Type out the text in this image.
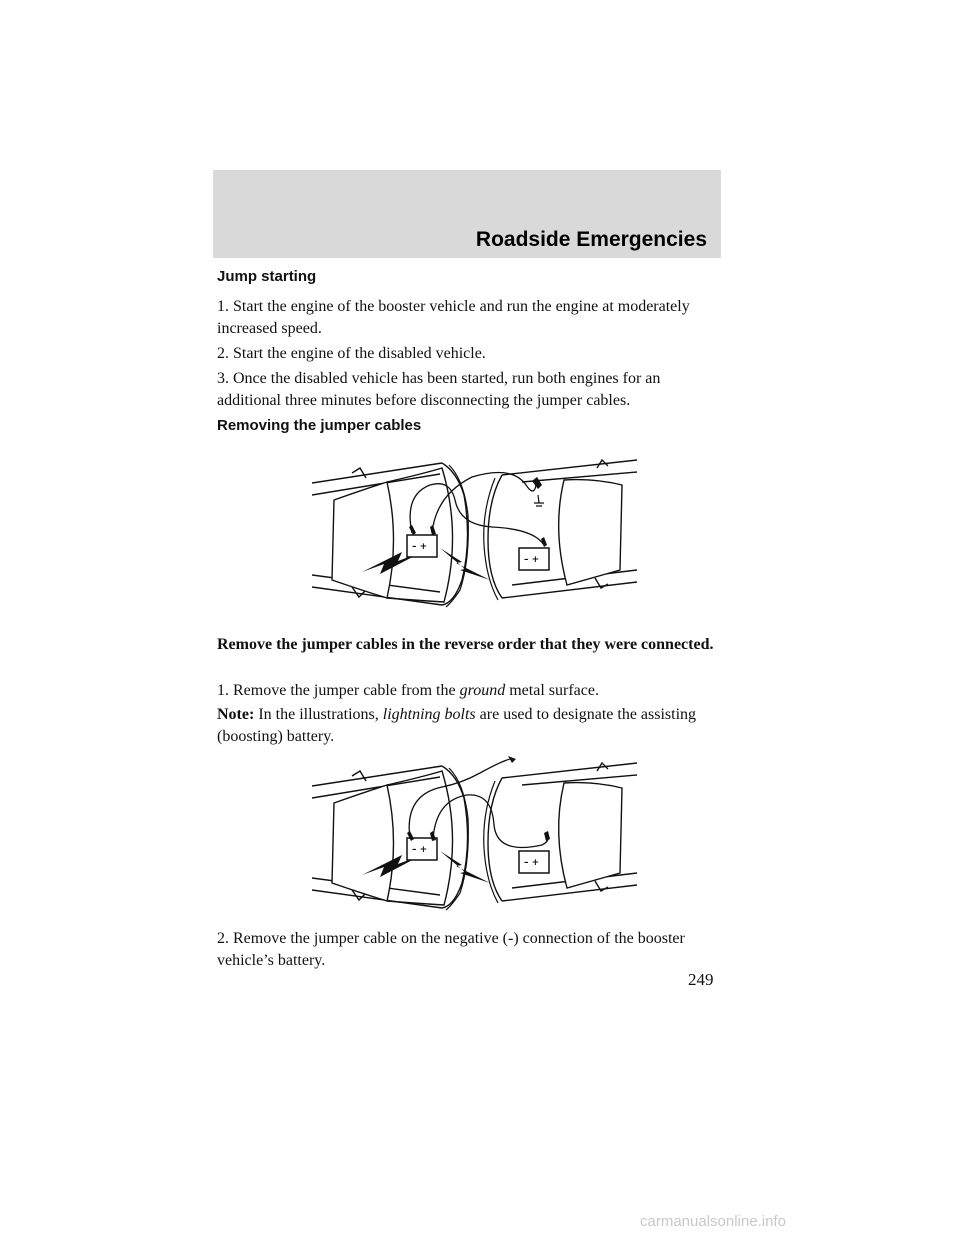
Roadside Emergencies
Jump starting

1. Start the engine of the booster vehicle and run the engine at moderately increased speed.

2. Start the engine of the disabled vehicle.

3. Once the disabled vehicle has been started, run both engines for an additional three minutes before disconnecting the jumper cables.

Removing the jumper cables

Remove the jumper cables in the reverse order that they were connected.

1. Remove the jumper cable from the ground metal surface.

Note: In the illustrations, lightning bolts are used to designate the assisting (boosting) battery.

2. Remove the jumper cable on the negative (-) connection of the booster vehicle’s battery.

249

carmanualsonline.info
